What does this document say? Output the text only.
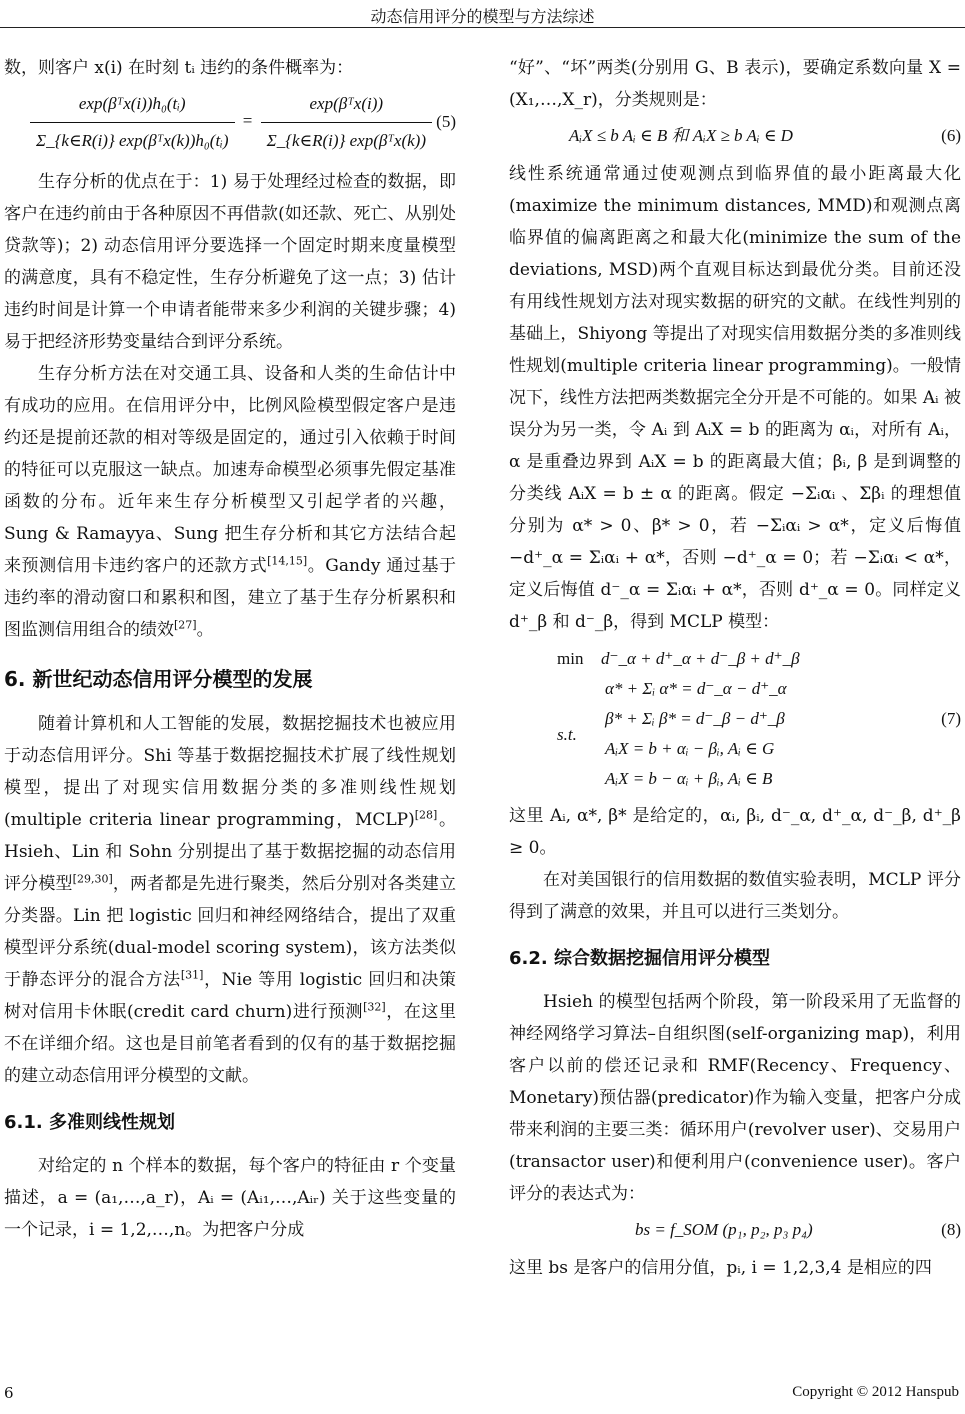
动态信用评分的模型与方法综述

数，则客户 x(i) 在时刻 tᵢ 违约的条件概率为：

$\frac{\text{exp(βᵀx(i))h₀(tᵢ)}}{\text{Σ\_\{k∈R(i)\} exp(βᵀx(k))h₀(tᵢ)}} = \frac{\text{exp(βᵀx(i))}}{\text{Σ\_\{k∈R(i)\} exp(βᵀx(k))}} (5)$

生存分析的优点在于：1) 易于处理经过检查的数据，即客户在违约前由于各种原因不再借款(如还款、死亡、从别处贷款等)；2) 动态信用评分要选择一个固定时期来度量模型的满意度，具有不稳定性，生存分析避免了这一点；3) 估计违约时间是计算一个申请者能带来多少利润的关键步骤；4) 易于把经济形势变量结合到评分系统。

生存分析方法在对交通工具、设备和人类的生命估计中有成功的应用。在信用评分中，比例风险模型假定客户是违约还是提前还款的相对等级是固定的，通过引入依赖于时间的特征可以克服这一缺点。加速寿命模型必须事先假定基准函数的分布。近年来生存分析模型又引起学者的兴趣，Sung & Ramayya、Sung 把生存分析和其它方法结合起来预测信用卡违约客户的还款方式[14,15]。Gandy 通过基于违约率的滑动窗口和累积和图，建立了基于生存分析累积和图监测信用组合的绩效[27]。

6. 新世纪动态信用评分模型的发展

随着计算机和人工智能的发展，数据挖掘技术也被应用于动态信用评分。Shi 等基于数据挖掘技术扩展了线性规划模型，提出了对现实信用数据分类的多准则线性规划(multiple criteria linear programming，MCLP)[28]。Hsieh、Lin 和 Sohn 分别提出了基于数据挖掘的动态信用评分模型[29,30]，两者都是先进行聚类，然后分别对各类建立分类器。Lin 把 logistic 回归和神经网络结合，提出了双重模型评分系统(dual-model scoring system)，该方法类似于静态评分的混合方法[31]，Nie 等用 logistic 回归和决策树对信用卡休眠(credit card churn)进行预测[32]，在这里不在详细介绍。这也是目前笔者看到的仅有的基于数据挖掘的建立动态信用评分模型的文献。

6.1. 多准则线性规划

对给定的 n 个样本的数据，每个客户的特征由 r 个变量描述，a = (a₁,…,a_r)，Aᵢ = (Aᵢ₁,…,Aᵢᵣ) 关于这些变量的一个记录，i = 1,2,…,n。为把客户分成

“好”、“坏”两类(分别用 G、B 表示)，要确定系数向量 X = (X₁,…,X_r)，分类规则是：

AᵢX ≤ b Aᵢ ∈ B 和 AᵢX ≥ b Aᵢ ∈ D	(6)

线性系统通常通过使观测点到临界值的最小距离最大化(maximize the minimum distances, MMD)和观测点离临界值的偏离距离之和最大化(minimize the sum of the deviations, MSD)两个直观目标达到最优分类。目前还没有用线性规划方法对现实数据的研究的文献。在线性判别的基础上，Shiyong 等提出了对现实信用数据分类的多准则线性规划(multiple criteria linear programming)。一般情况下，线性方法把两类数据完全分开是不可能的。如果 Aᵢ 被误分为另一类，令 Aᵢ 到 AᵢX = b 的距离为 αᵢ，对所有 Aᵢ，α 是重叠边界到 AᵢX = b 的距离最大值；βᵢ, β 是到调整的分类线 AᵢX = b ± α 的距离。假定 −Σᵢαᵢ 、Σβᵢ 的理想值分别为 α* > 0、β* > 0，若 −Σᵢαᵢ > α*，定义后悔值 −d⁺_α = Σᵢαᵢ + α*，否则 −d⁺_α = 0；若 −Σᵢαᵢ < α*，定义后悔值 d⁻_α = Σᵢαᵢ + α*，否则 d⁺_α = 0。同样定义 d⁺_β 和 d⁻_β，得到 MCLP 模型：

min d⁻_α + d⁺_α + d⁻_β + d⁺_β
α* + Σᵢ α* = d⁻_α − d⁺_α
β* + Σᵢ β* = d⁻_β − d⁺_β
s.t.
AᵢX = b + αᵢ − βᵢ, Aᵢ ∈ G
AᵢX = b − αᵢ + βᵢ, Aᵢ ∈ B
(7)

这里 Aᵢ, α*, β* 是给定的，αᵢ, βᵢ, d⁻_α, d⁺_α, d⁻_β, d⁺_β ≥ 0。

在对美国银行的信用数据的数值实验表明，MCLP 评分得到了满意的效果，并且可以进行三类划分。

6.2. 综合数据挖掘信用评分模型

Hsieh 的模型包括两个阶段，第一阶段采用了无监督的神经网络学习算法–自组织图(self-organizing map)，利用客户以前的偿还记录和 RMF(Recency、Frequency、Monetary)预估器(predicator)作为输入变量，把客户分成带来利润的主要三类：循环用户(revolver user)、交易用户(transactor user)和便利用户(convenience user)。客户评分的表达式为：

bs = f_SOM (p₁, p₂, p₃ p₄)	(8)

这里 bs 是客户的信用分值，pᵢ, i = 1,2,3,4 是相应的四

6	Copyright © 2012 Hanspub
